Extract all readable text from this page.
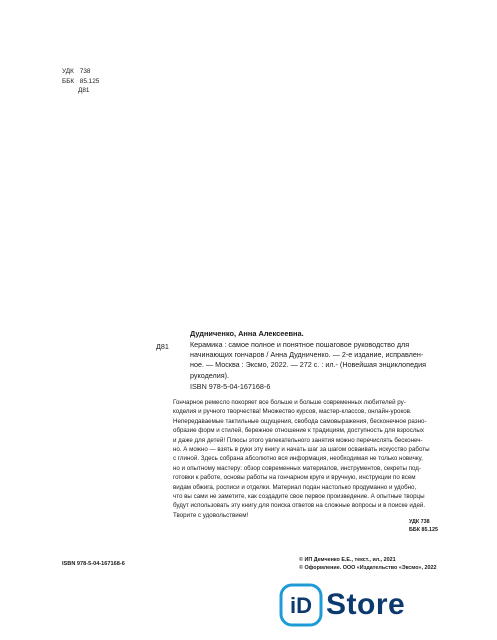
УДК 738
ББК 85.125
Д81
Д81
Дудниченко, Анна Алексеевна.
Керамика : самое полное и понятное пошаговое руководство для
начинающих гончаров / Анна Дудниченко. — 2-е издание, исправлен-
ное. — Москва : Эксмо, 2022. — 272 с. : ил.- (Новейшая энциклопедия
рукоделия).
ISBN 978-5-04-167168-6
Гончарное ремесло покоряет все больше и больше современных любителей ру-
коделия и ручного творчества! Множество курсов, мастер-классов, онлайн-уроков.
Непередаваемые тактильные ощущения, свобода самовыражения, бесконечное разно-
образие форм и стилей, бережное отношение к традициям, доступность для взрослых
и даже для детей! Плюсы этого увлекательного занятия можно перечислять бесконеч-
но. А можно — взять в руки эту книгу и начать шаг за шагом осваивать искусство работы
с глиной. Здесь собрана абсолютно вся информация, необходимая не только новичку,
но и опытному мастеру: обзор современных материалов, инструментов, секреты под-
готовки к работе, основы работы на гончарном круге и вручную, инструкции по всем
видам обжига, росписи и отделки. Материал подан настолько продуманно и удобно,
что вы сами не заметите, как создадите свое первое произведение. А опытные творцы
будут использовать эту книгу для поиска ответов на сложные вопросы и в поиске идей.
Творите с удовольствием!
УДК 738
ББК 85.125
ISBN 978-5-04-167168-6
© ИП Демченко Е.Е., текст., ил., 2021
© Оформление. ООО «Издательство «Эксмо», 2022
iD Store
